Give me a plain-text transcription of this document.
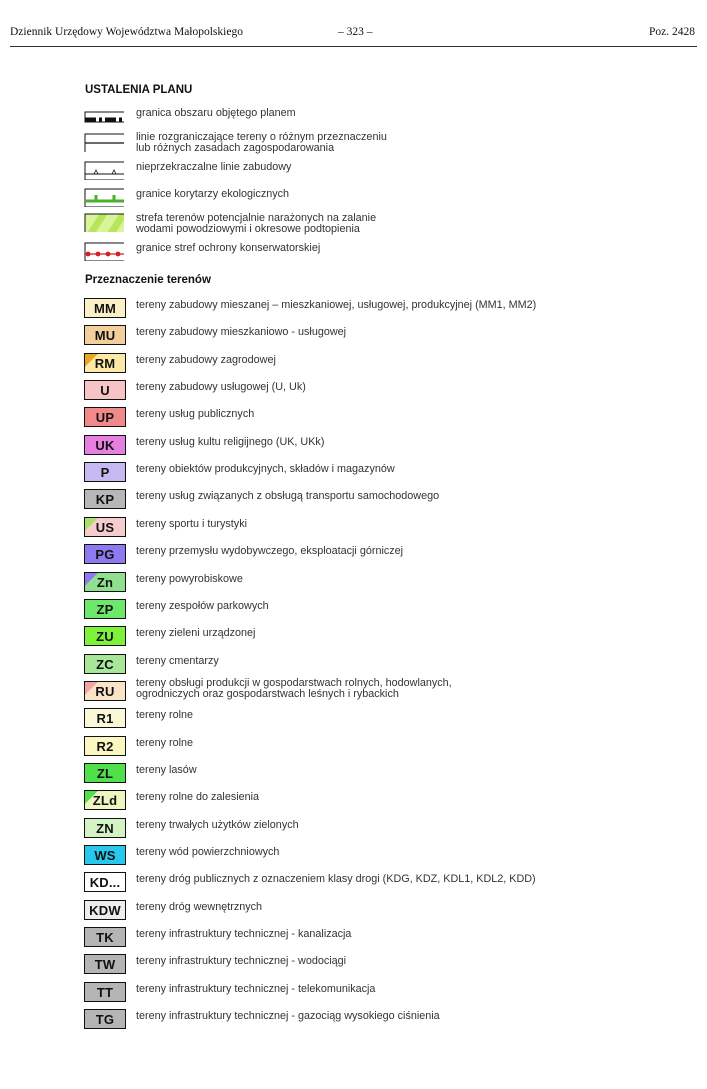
Dziennik Urzędowy Województwa Małopolskiego	– 323 –	Poz. 2428
USTALENIA PLANU
granica obszaru objętego planem
linie rozgraniczające tereny o różnym przeznaczeniu
lub różnych zasadach zagospodarowania
nieprzekraczalne linie zabudowy
granice korytarzy ekologicznych
strefa terenów potencjalnie narażonych na zalanie
wodami powodziowymi i okresowe podtopienia
granice stref ochrony konserwatorskiej
Przeznaczenie terenów
MM tereny zabudowy mieszanej – mieszkaniowej, usługowej, produkcyjnej (MM1, MM2)
MU tereny zabudowy mieszkaniowo - usługowej
RM tereny zabudowy zagrodowej
U tereny zabudowy usługowej (U, Uk)
UP tereny usług publicznych
UK tereny usług kultu religijnego (UK, UKk)
P tereny obiektów produkcyjnych, składów i magazynów
KP tereny usług związanych z obsługą transportu samochodowego
US tereny sportu i turystyki
PG tereny przemysłu wydobywczego, eksploatacji górniczej
Zn tereny powyrobiskowe
ZP tereny zespołów parkowych
ZU tereny zieleni urządzonej
ZC tereny cmentarzy
RU
tereny obsługi produkcji w gospodarstwach rolnych, hodowlanych,
ogrodniczych oraz gospodarstwach leśnych i rybackich
R1 tereny rolne
R2 tereny rolne
ZL tereny lasów
ZLd tereny rolne do zalesienia
ZN tereny trwałych użytków zielonych
WS tereny wód powierzchniowych
KD... tereny dróg publicznych z oznaczeniem klasy drogi (KDG, KDZ, KDL1, KDL2, KDD)
KDW tereny dróg wewnętrznych
TK tereny infrastruktury technicznej - kanalizacja
TW tereny infrastruktury technicznej - wodociągi
TT tereny infrastruktury technicznej - telekomunikacja
TG tereny infrastruktury technicznej - gazociąg wysokiego ciśnienia
